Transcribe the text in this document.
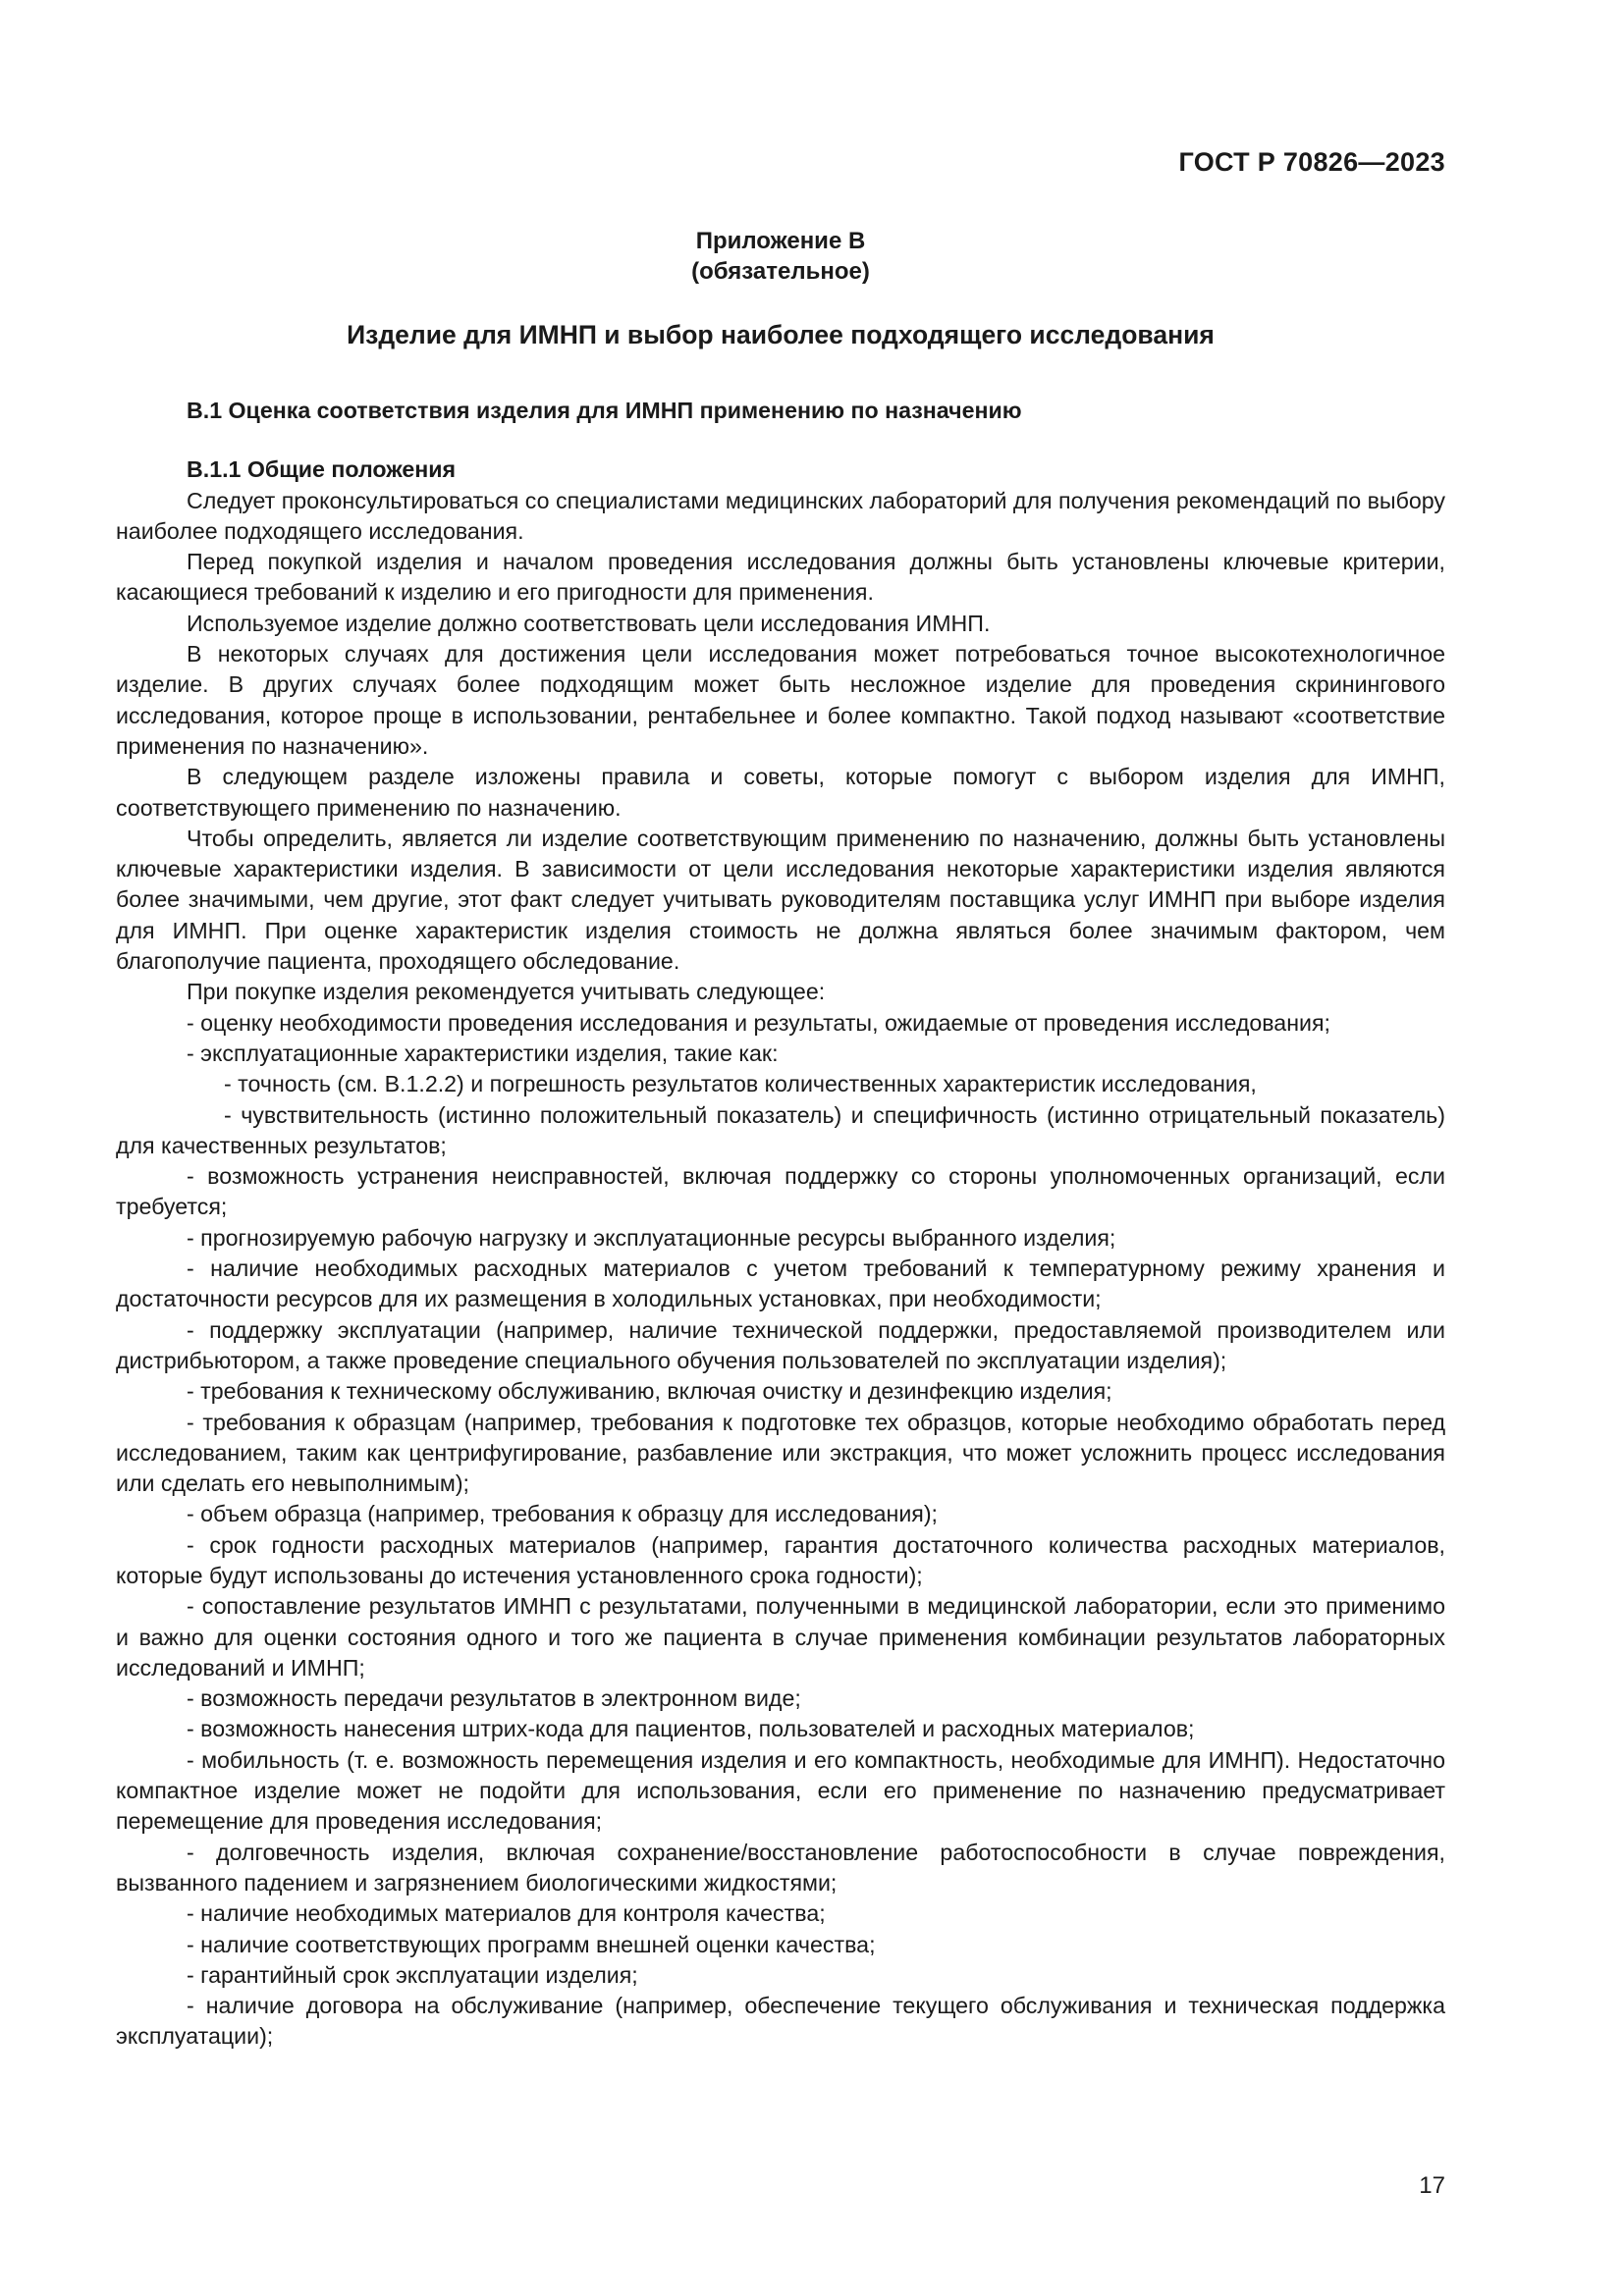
ГОСТ Р 70826—2023
Приложение В
(обязательное)
Изделие для ИМНП и выбор наиболее подходящего исследования

В.1 Оценка соответствия изделия для ИМНП применению по назначению

В.1.1 Общие положения

Следует проконсультироваться со специалистами медицинских лабораторий для получения рекомендаций по выбору наиболее подходящего исследования.

Перед покупкой изделия и началом проведения исследования должны быть установлены ключевые критерии, касающиеся требований к изделию и его пригодности для применения.

Используемое изделие должно соответствовать цели исследования ИМНП.

В некоторых случаях для достижения цели исследования может потребоваться точное высокотехнологичное изделие. В других случаях более подходящим может быть несложное изделие для проведения скринингового исследования, которое проще в использовании, рентабельнее и более компактно. Такой подход называют «соответствие применения по назначению».

В следующем разделе изложены правила и советы, которые помогут с выбором изделия для ИМНП, соответствующего применению по назначению.

Чтобы определить, является ли изделие соответствующим применению по назначению, должны быть установлены ключевые характеристики изделия. В зависимости от цели исследования некоторые характеристики изделия являются более значимыми, чем другие, этот факт следует учитывать руководителям поставщика услуг ИМНП при выборе изделия для ИМНП. При оценке характеристик изделия стоимость не должна являться более значимым фактором, чем благополучие пациента, проходящего обследование.

При покупке изделия рекомендуется учитывать следующее:

- оценку необходимости проведения исследования и результаты, ожидаемые от проведения исследования;

- эксплуатационные характеристики изделия, такие как:

- точность (см. В.1.2.2) и погрешность результатов количественных характеристик исследования,

- чувствительность (истинно положительный показатель) и специфичность (истинно отрицательный показатель) для качественных результатов;

- возможность устранения неисправностей, включая поддержку со стороны уполномоченных организаций, если требуется;

- прогнозируемую рабочую нагрузку и эксплуатационные ресурсы выбранного изделия;

- наличие необходимых расходных материалов с учетом требований к температурному режиму хранения и достаточности ресурсов для их размещения в холодильных установках, при необходимости;

- поддержку эксплуатации (например, наличие технической поддержки, предоставляемой производителем или дистрибьютором, а также проведение специального обучения пользователей по эксплуатации изделия);

- требования к техническому обслуживанию, включая очистку и дезинфекцию изделия;

- требования к образцам (например, требования к подготовке тех образцов, которые необходимо обработать перед исследованием, таким как центрифугирование, разбавление или экстракция, что может усложнить процесс исследования или сделать его невыполнимым);

- объем образца (например, требования к образцу для исследования);

- срок годности расходных материалов (например, гарантия достаточного количества расходных материалов, которые будут использованы до истечения установленного срока годности);

- сопоставление результатов ИМНП с результатами, полученными в медицинской лаборатории, если это применимо и важно для оценки состояния одного и того же пациента в случае применения комбинации результатов лабораторных исследований и ИМНП;

- возможность передачи результатов в электронном виде;

- возможность нанесения штрих-кода для пациентов, пользователей и расходных материалов;

- мобильность (т. е. возможность перемещения изделия и его компактность, необходимые для ИМНП). Недостаточно компактное изделие может не подойти для использования, если его применение по назначению предусматривает перемещение для проведения исследования;

- долговечность изделия, включая сохранение/восстановление работоспособности в случае повреждения, вызванного падением и загрязнением биологическими жидкостями;

- наличие необходимых материалов для контроля качества;

- наличие соответствующих программ внешней оценки качества;

- гарантийный срок эксплуатации изделия;

- наличие договора на обслуживание (например, обеспечение текущего обслуживания и техническая поддержка эксплуатации);

17
